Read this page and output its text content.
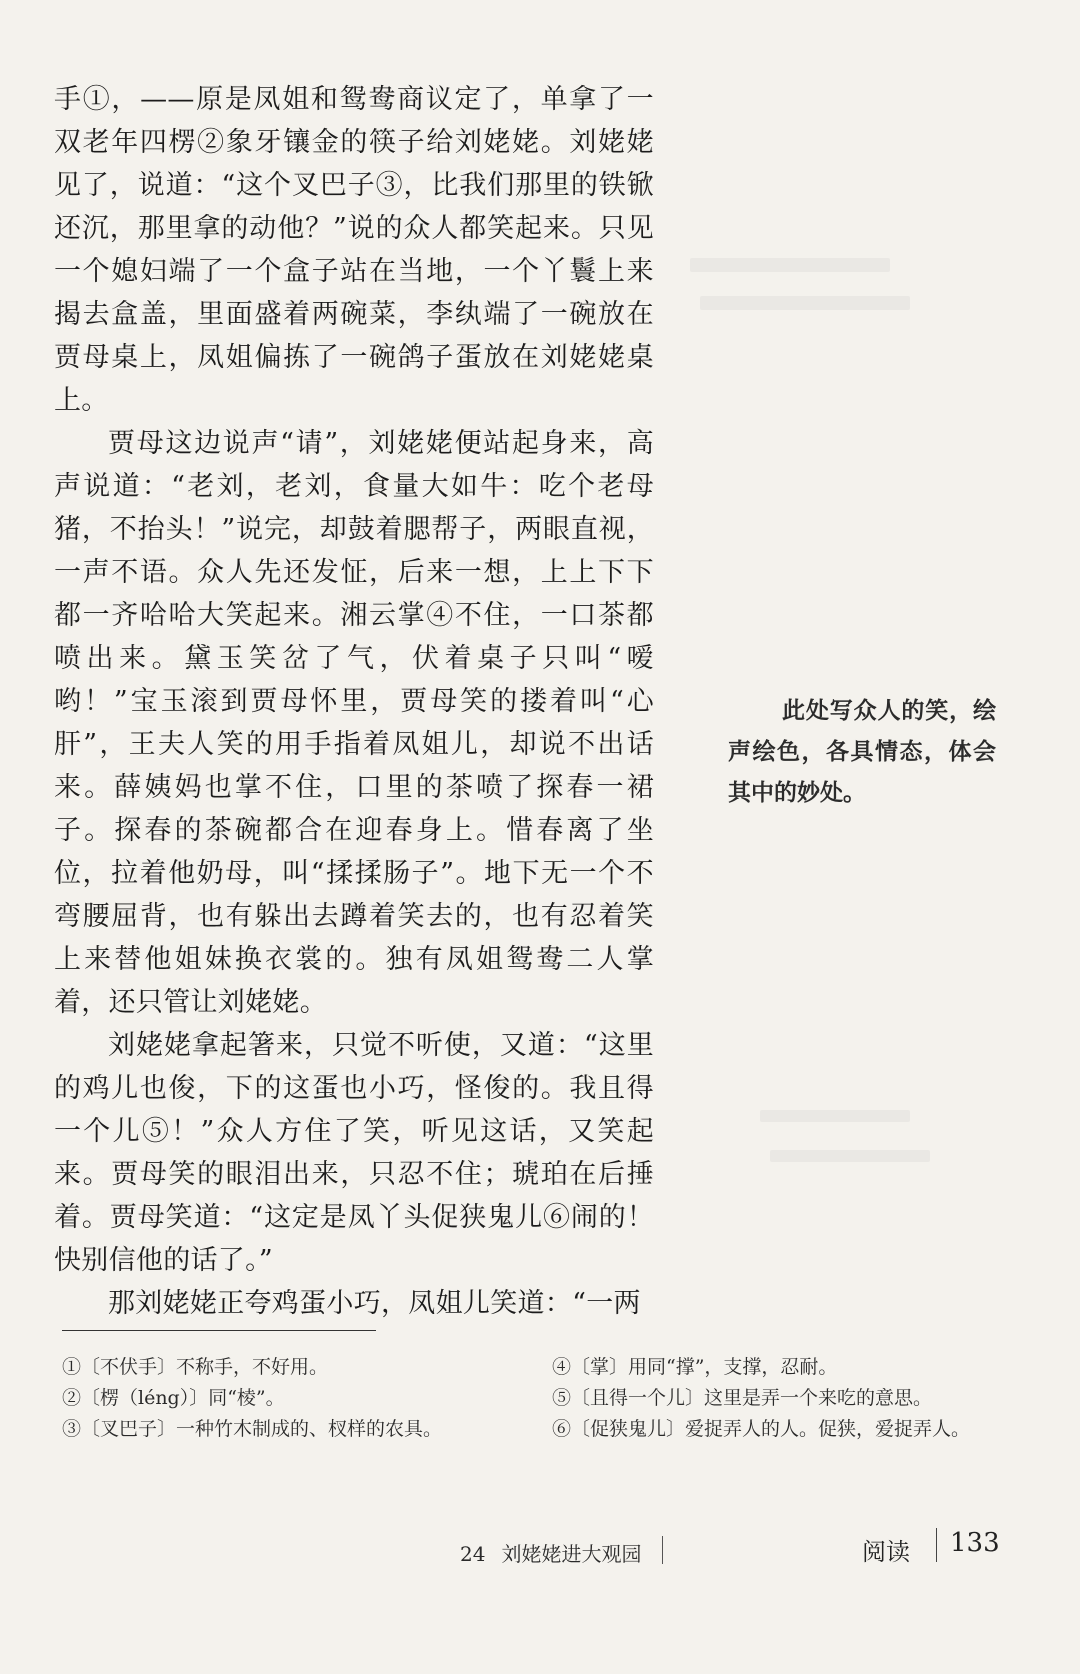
手①，——原是凤姐和鸳鸯商议定了，单拿了一双老年四楞②象牙镶金的筷子给刘姥姥。刘姥姥见了，说道：“这个叉巴子③，比我们那里的铁锨还沉，那里拿的动他？”说的众人都笑起来。只见一个媳妇端了一个盒子站在当地，一个丫鬟上来揭去盒盖，里面盛着两碗菜，李纨端了一碗放在贾母桌上，凤姐偏拣了一碗鸽子蛋放在刘姥姥桌上。

贾母这边说声“请”，刘姥姥便站起身来，高声说道：“老刘，老刘，食量大如牛：吃个老母猪，不抬头！”说完，却鼓着腮帮子，两眼直视，一声不语。众人先还发怔，后来一想，上上下下都一齐哈哈大笑起来。湘云掌④不住，一口茶都喷出来。黛玉笑岔了气，伏着桌子只叫“嗳哟！”宝玉滚到贾母怀里，贾母笑的搂着叫“心肝”，王夫人笑的用手指着凤姐儿，却说不出话来。薛姨妈也掌不住，口里的茶喷了探春一裙子。探春的茶碗都合在迎春身上。惜春离了坐位，拉着他奶母，叫“揉揉肠子”。地下无一个不弯腰屈背，也有躲出去蹲着笑去的，也有忍着笑上来替他姐妹换衣裳的。独有凤姐鸳鸯二人掌着，还只管让刘姥姥。

刘姥姥拿起箸来，只觉不听使，又道：“这里的鸡儿也俊，下的这蛋也小巧，怪俊的。我且得一个儿⑤！”众人方住了笑，听见这话，又笑起来。贾母笑的眼泪出来，只忍不住；琥珀在后捶着。贾母笑道：“这定是凤丫头促狭鬼儿⑥闹的！快别信他的话了。”

那刘姥姥正夸鸡蛋小巧，凤姐儿笑道：“一两

此处写众人的笑，绘声绘色，各具情态，体会其中的妙处。

①〔不伏手〕不称手，不好用。
②〔楞（léng）〕同“棱”。
③〔叉巴子〕一种竹木制成的、杈样的农具。
④〔掌〕用同“撑”，支撑，忍耐。
⑤〔且得一个儿〕这里是弄一个来吃的意思。
⑥〔促狭鬼儿〕爱捉弄人的人。促狭，爱捉弄人。
24 刘姥姥进大观园	阅读 133
